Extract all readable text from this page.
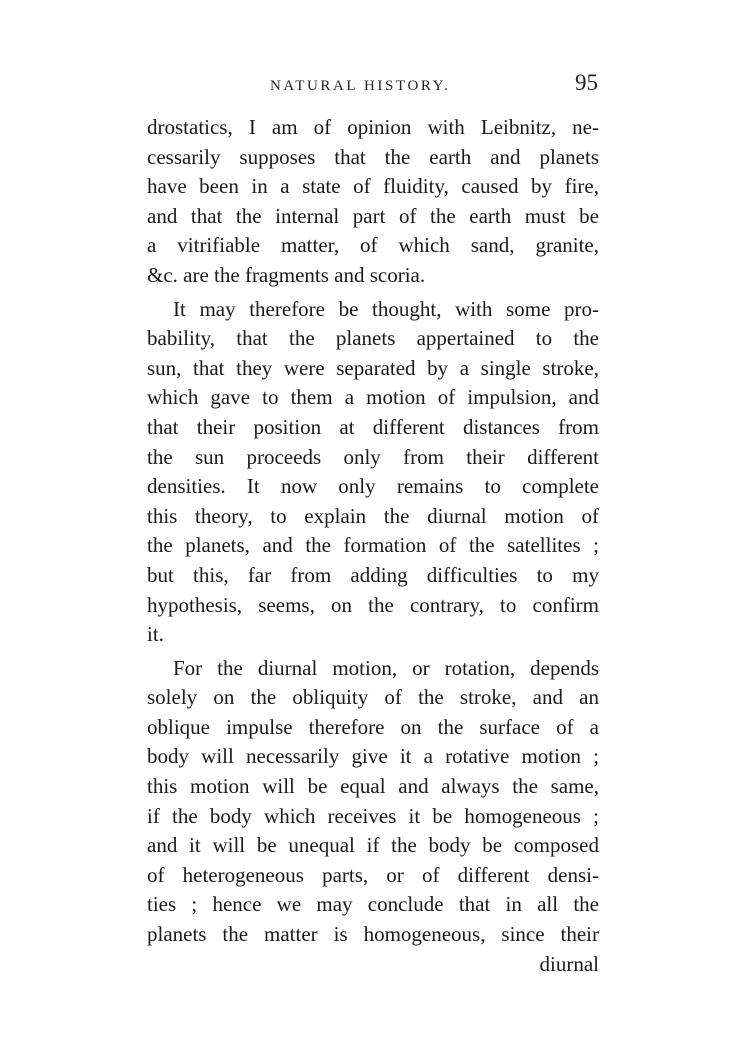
NATURAL HISTORY.	95
drostatics, I am of opinion with Leibnitz, ne-
cessarily supposes that the earth and planets
have been in a state of fluidity, caused by fire,
and that the internal part of the earth must be
a vitrifiable matter, of which sand, granite,
&c. are the fragments and scoria.
It may therefore be thought, with some pro-
bability, that the planets appertained to the
sun, that they were separated by a single stroke,
which gave to them a motion of impulsion, and
that their position at different distances from
the sun proceeds only from their different
densities. It now only remains to complete
this theory, to explain the diurnal motion of
the planets, and the formation of the satellites ;
but this, far from adding difficulties to my
hypothesis, seems, on the contrary, to confirm
it.
For the diurnal motion, or rotation, depends
solely on the obliquity of the stroke, and an
oblique impulse therefore on the surface of a
body will necessarily give it a rotative motion ;
this motion will be equal and always the same,
if the body which receives it be homogeneous ;
and it will be unequal if the body be composed
of heterogeneous parts, or of different densi-
ties ; hence we may conclude that in all the
planets the matter is homogeneous, since their
diurnal
